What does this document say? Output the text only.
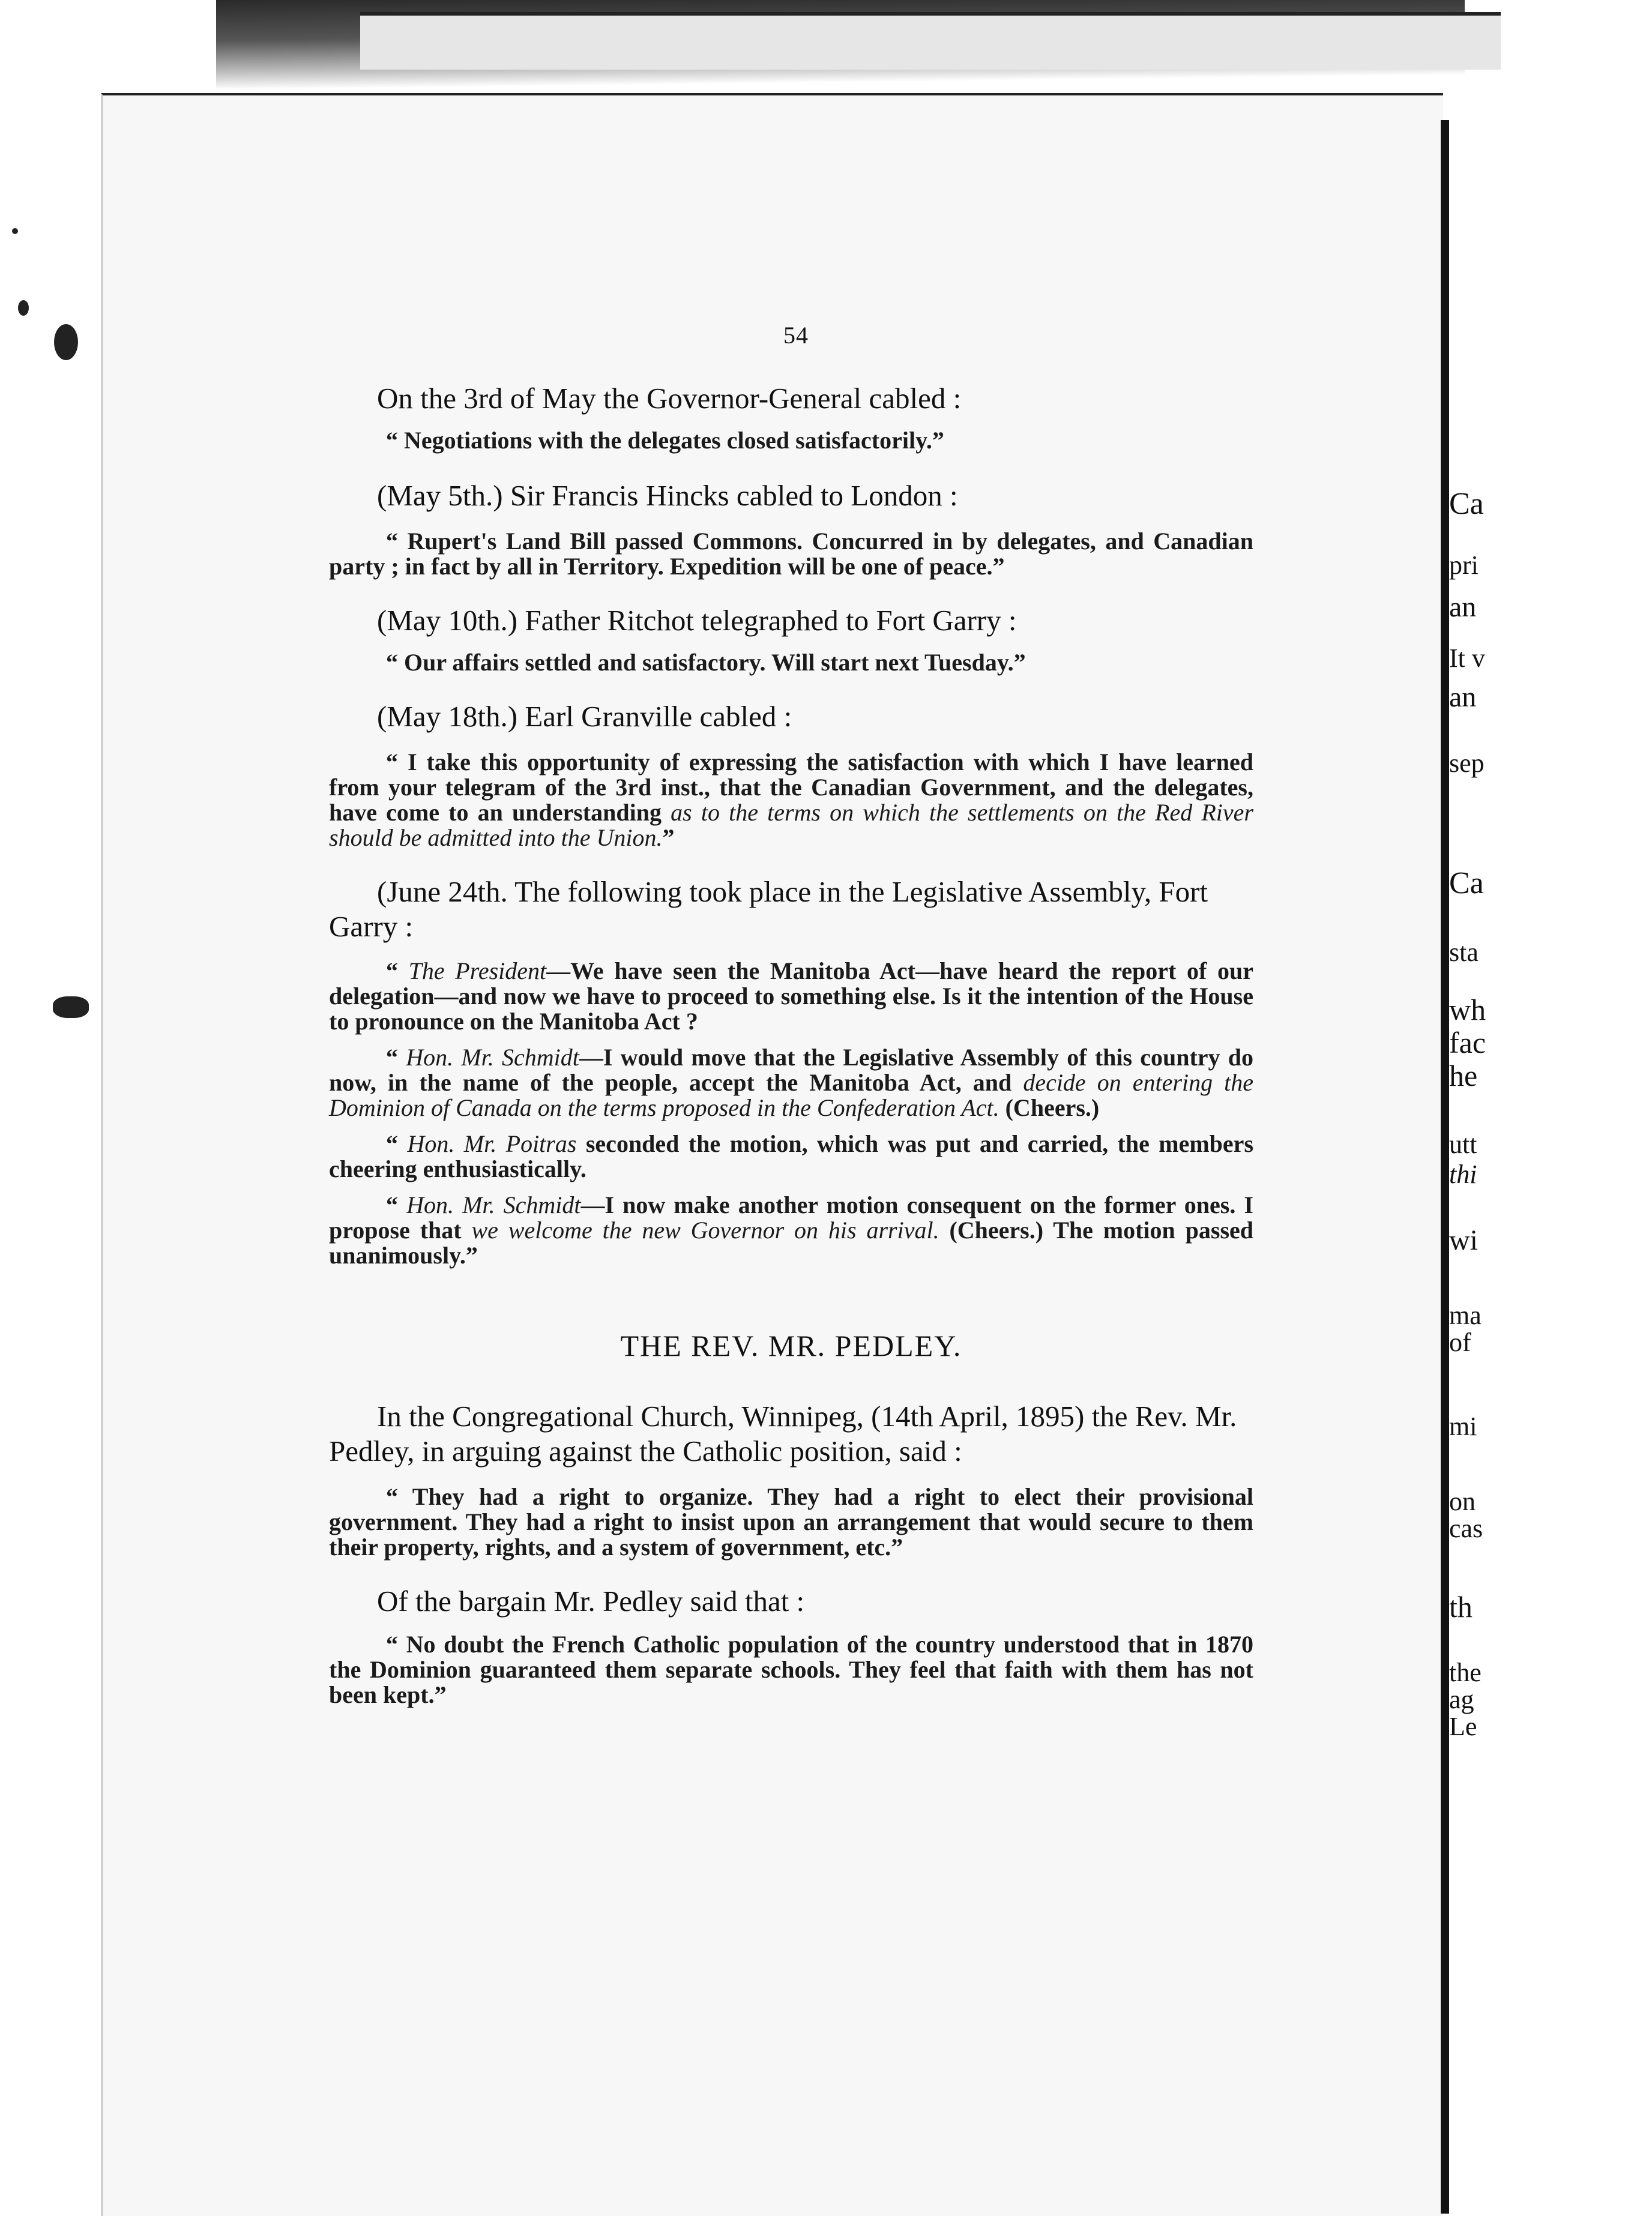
Ca
pri
an
It v
an
sep
Ca
sta
wh
fac
he
utt
thi
wi
ma
of
mi
on
cas
th
the
ag
Le
54

On the 3rd of May the Governor-General cabled :

“ Negotiations with the delegates closed satisfactorily.”

(May 5th.) Sir Francis Hincks cabled to London :

“ Rupert's Land Bill passed Commons. Concurred in by delegates, and Canadian party ; in fact by all in Territory. Expedition will be one of peace.”

(May 10th.) Father Ritchot telegraphed to Fort Garry :

“ Our affairs settled and satisfactory. Will start next Tuesday.”

(May 18th.) Earl Granville cabled :

“ I take this opportunity of expressing the satisfaction with which I have learned from your telegram of the 3rd inst., that the Canadian Government, and the delegates, have come to an understanding as to the terms on which the settlements on the Red River should be admitted into the Union.”

(June 24th. The following took place in the Legislative Assembly, Fort Garry :

“ The President—We have seen the Manitoba Act—have heard the report of our delegation—and now we have to proceed to something else. Is it the intention of the House to pronounce on the Manitoba Act ?

“ Hon. Mr. Schmidt—I would move that the Legislative Assembly of this country do now, in the name of the people, accept the Manitoba Act, and decide on entering the Dominion of Canada on the terms proposed in the Confederation Act. (Cheers.)

“ Hon. Mr. Poitras seconded the motion, which was put and carried, the members cheering enthusiastically.

“ Hon. Mr. Schmidt—I now make another motion consequent on the former ones. I propose that we welcome the new Governor on his arrival. (Cheers.) The motion passed unanimously.”

THE REV. MR. PEDLEY.

In the Congregational Church, Winnipeg, (14th April, 1895) the Rev. Mr. Pedley, in arguing against the Catholic position, said :

“ They had a right to organize. They had a right to elect their provisional government. They had a right to insist upon an arrangement that would secure to them their property, rights, and a system of government, etc.”

Of the bargain Mr. Pedley said that :

“ No doubt the French Catholic population of the country understood that in 1870 the Dominion guaranteed them separate schools. They feel that faith with them has not been kept.”
